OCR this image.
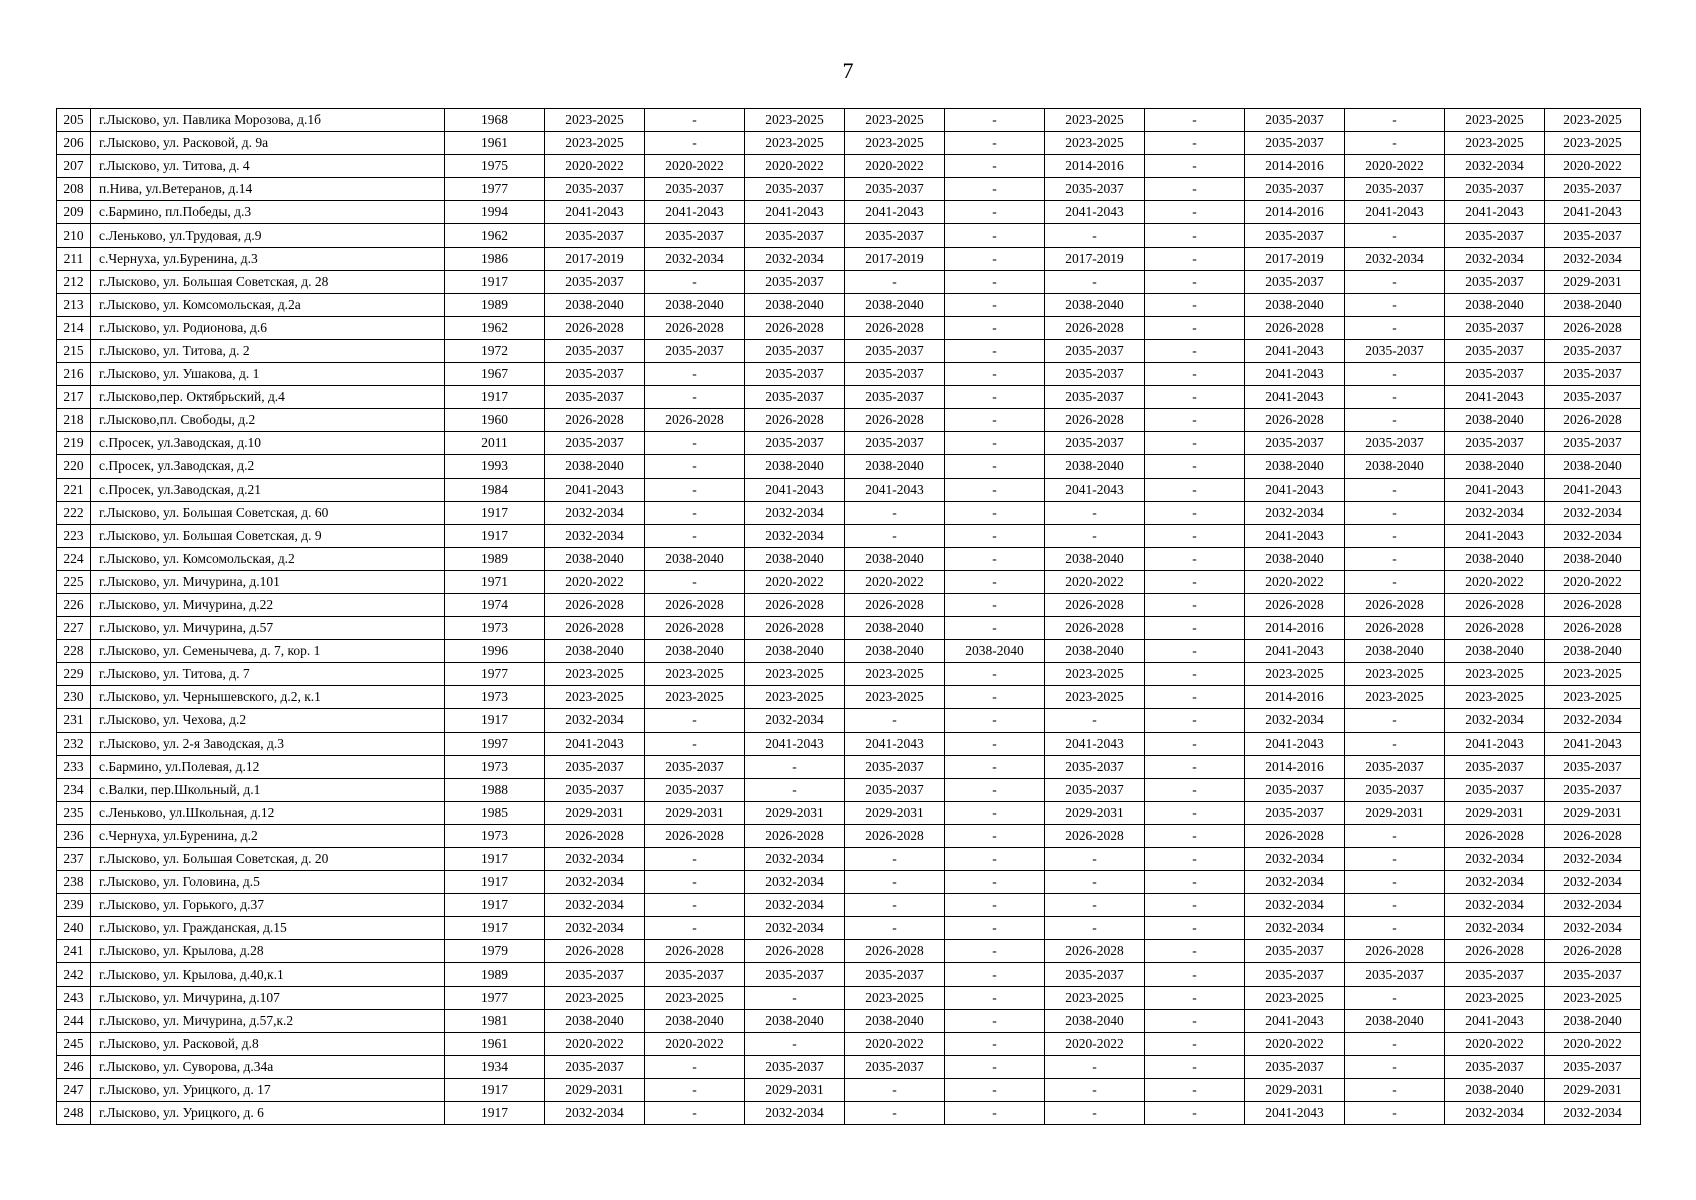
7
205	г.Лысково, ул. Павлика Морозова, д.1б	1968	2023-2025	-	2023-2025	2023-2025	-	2023-2025	-	2035-2037	-	2023-2025	2023-2025
206	г.Лысково, ул. Расковой, д. 9а	1961	2023-2025	-	2023-2025	2023-2025	-	2023-2025	-	2035-2037	-	2023-2025	2023-2025
207	г.Лысково, ул. Титова, д. 4	1975	2020-2022	2020-2022	2020-2022	2020-2022	-	2014-2016	-	2014-2016	2020-2022	2032-2034	2020-2022
208	п.Нива, ул.Ветеранов, д.14	1977	2035-2037	2035-2037	2035-2037	2035-2037	-	2035-2037	-	2035-2037	2035-2037	2035-2037	2035-2037
209	с.Бармино, пл.Победы, д.3	1994	2041-2043	2041-2043	2041-2043	2041-2043	-	2041-2043	-	2014-2016	2041-2043	2041-2043	2041-2043
210	с.Леньково, ул.Трудовая, д.9	1962	2035-2037	2035-2037	2035-2037	2035-2037	-	-	-	2035-2037	-	2035-2037	2035-2037
211	с.Чернуха, ул.Буренина, д.3	1986	2017-2019	2032-2034	2032-2034	2017-2019	-	2017-2019	-	2017-2019	2032-2034	2032-2034	2032-2034
212	г.Лысково, ул. Большая Советская, д. 28	1917	2035-2037	-	2035-2037	-	-	-	-	2035-2037	-	2035-2037	2029-2031
213	г.Лысково, ул. Комсомольская, д.2а	1989	2038-2040	2038-2040	2038-2040	2038-2040	-	2038-2040	-	2038-2040	-	2038-2040	2038-2040
214	г.Лысково, ул. Родионова, д.6	1962	2026-2028	2026-2028	2026-2028	2026-2028	-	2026-2028	-	2026-2028	-	2035-2037	2026-2028
215	г.Лысково, ул. Титова, д. 2	1972	2035-2037	2035-2037	2035-2037	2035-2037	-	2035-2037	-	2041-2043	2035-2037	2035-2037	2035-2037
216	г.Лысково, ул. Ушакова, д. 1	1967	2035-2037	-	2035-2037	2035-2037	-	2035-2037	-	2041-2043	-	2035-2037	2035-2037
217	г.Лысково,пер. Октябрьский, д.4	1917	2035-2037	-	2035-2037	2035-2037	-	2035-2037	-	2041-2043	-	2041-2043	2035-2037
218	г.Лысково,пл. Свободы, д.2	1960	2026-2028	2026-2028	2026-2028	2026-2028	-	2026-2028	-	2026-2028	-	2038-2040	2026-2028
219	с.Просек, ул.Заводская, д.10	2011	2035-2037	-	2035-2037	2035-2037	-	2035-2037	-	2035-2037	2035-2037	2035-2037	2035-2037
220	с.Просек, ул.Заводская, д.2	1993	2038-2040	-	2038-2040	2038-2040	-	2038-2040	-	2038-2040	2038-2040	2038-2040	2038-2040
221	с.Просек, ул.Заводская, д.21	1984	2041-2043	-	2041-2043	2041-2043	-	2041-2043	-	2041-2043	-	2041-2043	2041-2043
222	г.Лысково, ул. Большая Советская, д. 60	1917	2032-2034	-	2032-2034	-	-	-	-	2032-2034	-	2032-2034	2032-2034
223	г.Лысково, ул. Большая Советская, д. 9	1917	2032-2034	-	2032-2034	-	-	-	-	2041-2043	-	2041-2043	2032-2034
224	г.Лысково, ул. Комсомольская, д.2	1989	2038-2040	2038-2040	2038-2040	2038-2040	-	2038-2040	-	2038-2040	-	2038-2040	2038-2040
225	г.Лысково, ул. Мичурина, д.101	1971	2020-2022	-	2020-2022	2020-2022	-	2020-2022	-	2020-2022	-	2020-2022	2020-2022
226	г.Лысково, ул. Мичурина, д.22	1974	2026-2028	2026-2028	2026-2028	2026-2028	-	2026-2028	-	2026-2028	2026-2028	2026-2028	2026-2028
227	г.Лысково, ул. Мичурина, д.57	1973	2026-2028	2026-2028	2026-2028	2038-2040	-	2026-2028	-	2014-2016	2026-2028	2026-2028	2026-2028
228	г.Лысково, ул. Семенычева, д. 7, кор. 1	1996	2038-2040	2038-2040	2038-2040	2038-2040	2038-2040	2038-2040	-	2041-2043	2038-2040	2038-2040	2038-2040
229	г.Лысково, ул. Титова, д. 7	1977	2023-2025	2023-2025	2023-2025	2023-2025	-	2023-2025	-	2023-2025	2023-2025	2023-2025	2023-2025
230	г.Лысково, ул. Чернышевского, д.2, к.1	1973	2023-2025	2023-2025	2023-2025	2023-2025	-	2023-2025	-	2014-2016	2023-2025	2023-2025	2023-2025
231	г.Лысково, ул. Чехова, д.2	1917	2032-2034	-	2032-2034	-	-	-	-	2032-2034	-	2032-2034	2032-2034
232	г.Лысково, ул. 2-я Заводская, д.3	1997	2041-2043	-	2041-2043	2041-2043	-	2041-2043	-	2041-2043	-	2041-2043	2041-2043
233	с.Бармино, ул.Полевая, д.12	1973	2035-2037	2035-2037	-	2035-2037	-	2035-2037	-	2014-2016	2035-2037	2035-2037	2035-2037
234	с.Валки, пер.Школьный, д.1	1988	2035-2037	2035-2037	-	2035-2037	-	2035-2037	-	2035-2037	2035-2037	2035-2037	2035-2037
235	с.Леньково, ул.Школьная, д.12	1985	2029-2031	2029-2031	2029-2031	2029-2031	-	2029-2031	-	2035-2037	2029-2031	2029-2031	2029-2031
236	с.Чернуха, ул.Буренина, д.2	1973	2026-2028	2026-2028	2026-2028	2026-2028	-	2026-2028	-	2026-2028	-	2026-2028	2026-2028
237	г.Лысково, ул. Большая Советская, д. 20	1917	2032-2034	-	2032-2034	-	-	-	-	2032-2034	-	2032-2034	2032-2034
238	г.Лысково, ул. Головина, д.5	1917	2032-2034	-	2032-2034	-	-	-	-	2032-2034	-	2032-2034	2032-2034
239	г.Лысково, ул. Горького, д.37	1917	2032-2034	-	2032-2034	-	-	-	-	2032-2034	-	2032-2034	2032-2034
240	г.Лысково, ул. Гражданская, д.15	1917	2032-2034	-	2032-2034	-	-	-	-	2032-2034	-	2032-2034	2032-2034
241	г.Лысково, ул. Крылова, д.28	1979	2026-2028	2026-2028	2026-2028	2026-2028	-	2026-2028	-	2035-2037	2026-2028	2026-2028	2026-2028
242	г.Лысково, ул. Крылова, д.40,к.1	1989	2035-2037	2035-2037	2035-2037	2035-2037	-	2035-2037	-	2035-2037	2035-2037	2035-2037	2035-2037
243	г.Лысково, ул. Мичурина, д.107	1977	2023-2025	2023-2025	-	2023-2025	-	2023-2025	-	2023-2025	-	2023-2025	2023-2025
244	г.Лысково, ул. Мичурина, д.57,к.2	1981	2038-2040	2038-2040	2038-2040	2038-2040	-	2038-2040	-	2041-2043	2038-2040	2041-2043	2038-2040
245	г.Лысково, ул. Расковой, д.8	1961	2020-2022	2020-2022	-	2020-2022	-	2020-2022	-	2020-2022	-	2020-2022	2020-2022
246	г.Лысково, ул. Суворова, д.34а	1934	2035-2037	-	2035-2037	2035-2037	-	-	-	2035-2037	-	2035-2037	2035-2037
247	г.Лысково, ул. Урицкого, д. 17	1917	2029-2031	-	2029-2031	-	-	-	-	2029-2031	-	2038-2040	2029-2031
248	г.Лысково, ул. Урицкого, д. 6	1917	2032-2034	-	2032-2034	-	-	-	-	2041-2043	-	2032-2034	2032-2034
